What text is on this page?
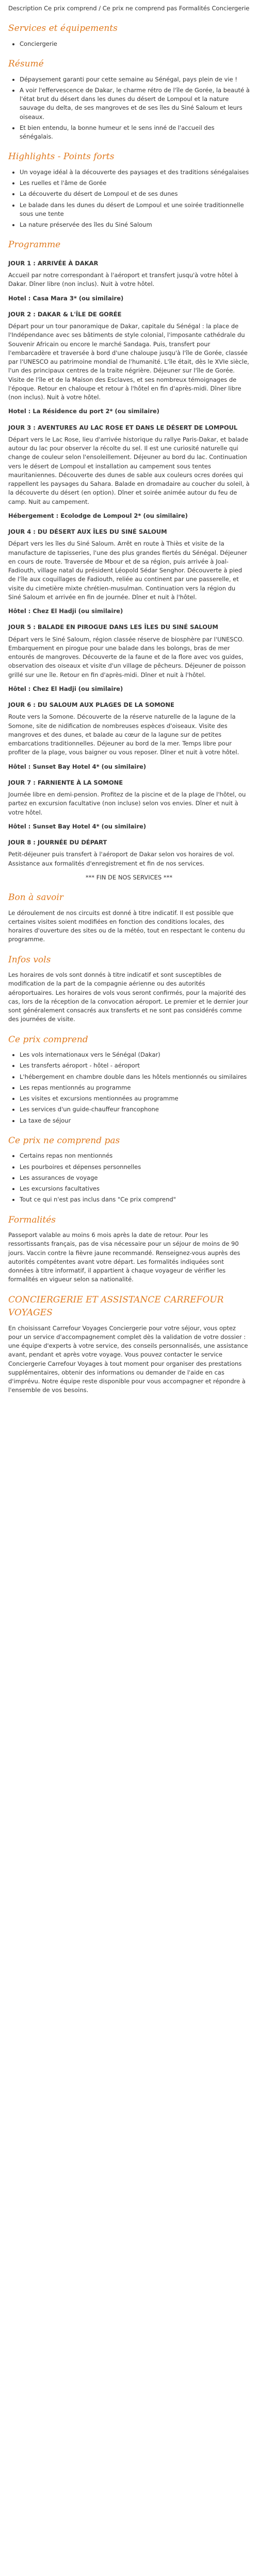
Description Ce prix comprend / Ce prix ne comprend pas Formalités Conciergerie

Services et équipements
• Conciergerie
Résumé
• Dépaysement garanti pour cette semaine au Sénégal, pays plein de vie !
• A voir l'effervescence de Dakar, le charme rétro de l'île de Gorée, la beauté à l'état brut du désert dans les dunes du désert de Lompoul et la nature sauvage du delta, de ses mangroves et de ses îles du Siné Saloum et leurs oiseaux.
• Et bien entendu, la bonne humeur et le sens inné de l'accueil des sénégalais.
Highlights - Points forts
• Un voyage idéal à la découverte des paysages et des traditions sénégalaises
• Les ruelles et l'âme de Gorée
• La découverte du désert de Lompoul et de ses dunes
• Le balade dans les dunes du désert de Lompoul et une soirée traditionnelle sous une tente
• La nature préservée des îles du Siné Saloum
Programme
JOUR 1 : ARRIVÉE À DAKAR

Accueil par notre correspondant à l'aéroport et transfert jusqu'à votre hôtel à Dakar. Dîner libre (non inclus). Nuit à votre hôtel.

Hotel : Casa Mara 3* (ou similaire)

JOUR 2 : DAKAR & L'ÎLE DE GORÉE

Départ pour un tour panoramique de Dakar, capitale du Sénégal : la place de l'Indépendance avec ses bâtiments de style colonial, l'imposante cathédrale du Souvenir Africain ou encore le marché Sandaga. Puis, transfert pour l'embarcadère et traversée à bord d'une chaloupe jusqu'à l'île de Gorée, classée par l'UNESCO au patrimoine mondial de l'humanité. L'île était, dès le XVIe siècle, l'un des principaux centres de la traite négrière. Déjeuner sur l'île de Gorée. Visite de l'île et de la Maison des Esclaves, et ses nombreux témoignages de l'époque. Retour en chaloupe et retour à l'hôtel en fin d'après-midi. Dîner libre (non inclus). Nuit à votre hôtel.

Hotel : La Résidence du port 2* (ou similaire)

JOUR 3 : AVENTURES AU LAC ROSE ET DANS LE DÉSERT DE LOMPOUL

Départ vers le Lac Rose, lieu d'arrivée historique du rallye Paris-Dakar, et balade autour du lac pour observer la récolte du sel. Il est une curiosité naturelle qui change de couleur selon l'ensoleillement. Déjeuner au bord du lac. Continuation vers le désert de Lompoul et installation au campement sous tentes mauritaniennes. Découverte des dunes de sable aux couleurs ocres dorées qui rappellent les paysages du Sahara. Balade en dromadaire au coucher du soleil, à la découverte du désert (en option). Dîner et soirée animée autour du feu de camp. Nuit au campement.

Hébergement : Ecolodge de Lompoul 2* (ou similaire)

JOUR 4 : DU DÉSERT AUX ÎLES DU SINÉ SALOUM

Départ vers les îles du Siné Saloum. Arrêt en route à Thiès et visite de la manufacture de tapisseries, l'une des plus grandes fiertés du Sénégal. Déjeuner en cours de route. Traversée de Mbour et de sa région, puis arrivée à Joal-Fadiouth, village natal du président Léopold Sédar Senghor. Découverte à pied de l'île aux coquillages de Fadiouth, reliée au continent par une passerelle, et visite du cimetière mixte chrétien-musulman. Continuation vers la région du Siné Saloum et arrivée en fin de journée. Dîner et nuit à l'hôtel.

Hôtel : Chez El Hadji (ou similaire)

JOUR 5 : BALADE EN PIROGUE DANS LES ÎLES DU SINÉ SALOUM

Départ vers le Siné Saloum, région classée réserve de biosphère par l'UNESCO. Embarquement en pirogue pour une balade dans les bolongs, bras de mer entourés de mangroves. Découverte de la faune et de la flore avec vos guides, observation des oiseaux et visite d'un village de pêcheurs. Déjeuner de poisson grillé sur une île. Retour en fin d'après-midi. Dîner et nuit à l'hôtel.

Hôtel : Chez El Hadji (ou similaire)

JOUR 6 : DU SALOUM AUX PLAGES DE LA SOMONE

Route vers la Somone. Découverte de la réserve naturelle de la lagune de la Somone, site de nidification de nombreuses espèces d'oiseaux. Visite des mangroves et des dunes, et balade au cœur de la lagune sur de petites embarcations traditionnelles. Déjeuner au bord de la mer. Temps libre pour profiter de la plage, vous baigner ou vous reposer. Dîner et nuit à votre hôtel.

Hôtel : Sunset Bay Hotel 4* (ou similaire)

JOUR 7 : FARNIENTE À LA SOMONE

Journée libre en demi-pension. Profitez de la piscine et de la plage de l'hôtel, ou partez en excursion facultative (non incluse) selon vos envies. Dîner et nuit à votre hôtel.

Hôtel : Sunset Bay Hotel 4* (ou similaire)

JOUR 8 : JOURNÉE DU DÉPART

Petit-déjeuner puis transfert à l'aéroport de Dakar selon vos horaires de vol. Assistance aux formalités d'enregistrement et fin de nos services.

*** FIN DE NOS SERVICES ***

Bon à savoir

Le déroulement de nos circuits est donné à titre indicatif. Il est possible que certaines visites soient modifiées en fonction des conditions locales, des horaires d'ouverture des sites ou de la météo, tout en respectant le contenu du programme.

Infos vols

Les horaires de vols sont donnés à titre indicatif et sont susceptibles de modification de la part de la compagnie aérienne ou des autorités aéroportuaires. Les horaires de vols vous seront confirmés, pour la majorité des cas, lors de la réception de la convocation aéroport. Le premier et le dernier jour sont généralement consacrés aux transferts et ne sont pas considérés comme des journées de visite.

Ce prix comprend
• Les vols internationaux vers le Sénégal (Dakar)
• Les transferts aéroport - hôtel - aéroport
• L'hébergement en chambre double dans les hôtels mentionnés ou similaires
• Les repas mentionnés au programme
• Les visites et excursions mentionnées au programme
• Les services d'un guide-chauffeur francophone
• La taxe de séjour
Ce prix ne comprend pas
• Certains repas non mentionnés
• Les pourboires et dépenses personnelles
• Les assurances de voyage
• Les excursions facultatives
• Tout ce qui n'est pas inclus dans "Ce prix comprend"
Formalités

Passeport valable au moins 6 mois après la date de retour. Pour les ressortissants français, pas de visa nécessaire pour un séjour de moins de 90 jours. Vaccin contre la fièvre jaune recommandé. Renseignez-vous auprès des autorités compétentes avant votre départ. Les formalités indiquées sont données à titre informatif, il appartient à chaque voyageur de vérifier les formalités en vigueur selon sa nationalité.

CONCIERGERIE ET ASSISTANCE CARREFOUR VOYAGES

En choisissant Carrefour Voyages Conciergerie pour votre séjour, vous optez pour un service d'accompagnement complet dès la validation de votre dossier : une équipe d'experts à votre service, des conseils personnalisés, une assistance avant, pendant et après votre voyage. Vous pouvez contacter le service Conciergerie Carrefour Voyages à tout moment pour organiser des prestations supplémentaires, obtenir des informations ou demander de l'aide en cas d'imprévu. Notre équipe reste disponible pour vous accompagner et répondre à l'ensemble de vos besoins.
